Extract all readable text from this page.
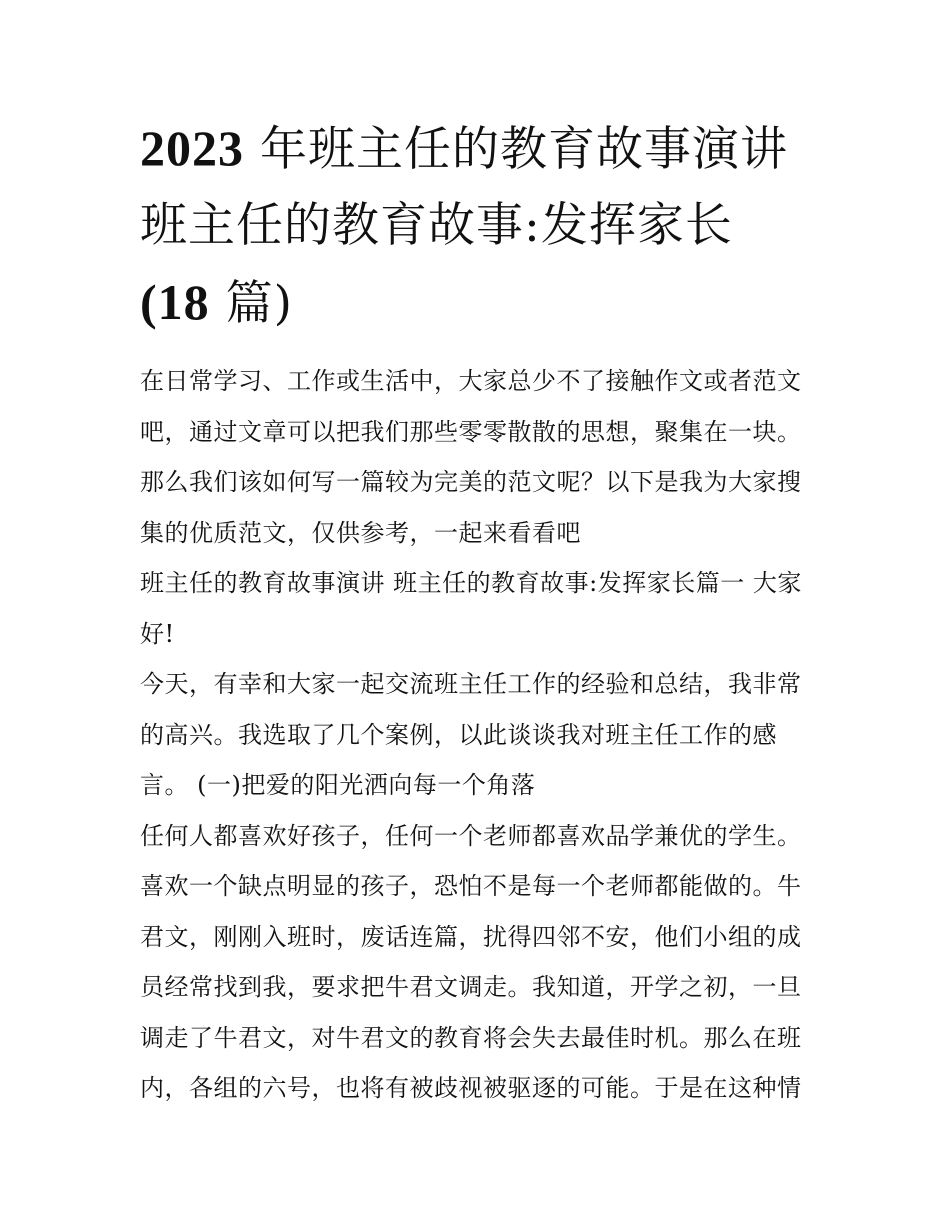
2023 年班主任的教育故事演讲
班主任的教育故事:发挥家长
(18 篇)

在日常学习、工作或生活中，大家总少不了接触作文或者范文
吧，通过文章可以把我们那些零零散散的思想，聚集在一块。
那么我们该如何写一篇较为完美的范文呢？以下是我为大家搜
集的优质范文，仅供参考，一起来看看吧

班主任的教育故事演讲 班主任的教育故事:发挥家长篇一 大家
好!

今天，有幸和大家一起交流班主任工作的经验和总结，我非常
的高兴。我选取了几个案例，以此谈谈我对班主任工作的感
言。 (一)把爱的阳光洒向每一个角落

任何人都喜欢好孩子，任何一个老师都喜欢品学兼优的学生。
喜欢一个缺点明显的孩子，恐怕不是每一个老师都能做的。牛
君文，刚刚入班时，废话连篇，扰得四邻不安，他们小组的成
员经常找到我，要求把牛君文调走。我知道，开学之初，一旦
调走了牛君文，对牛君文的教育将会失去最佳时机。那么在班
内，各组的六号，也将有被歧视被驱逐的可能。于是在这种情
